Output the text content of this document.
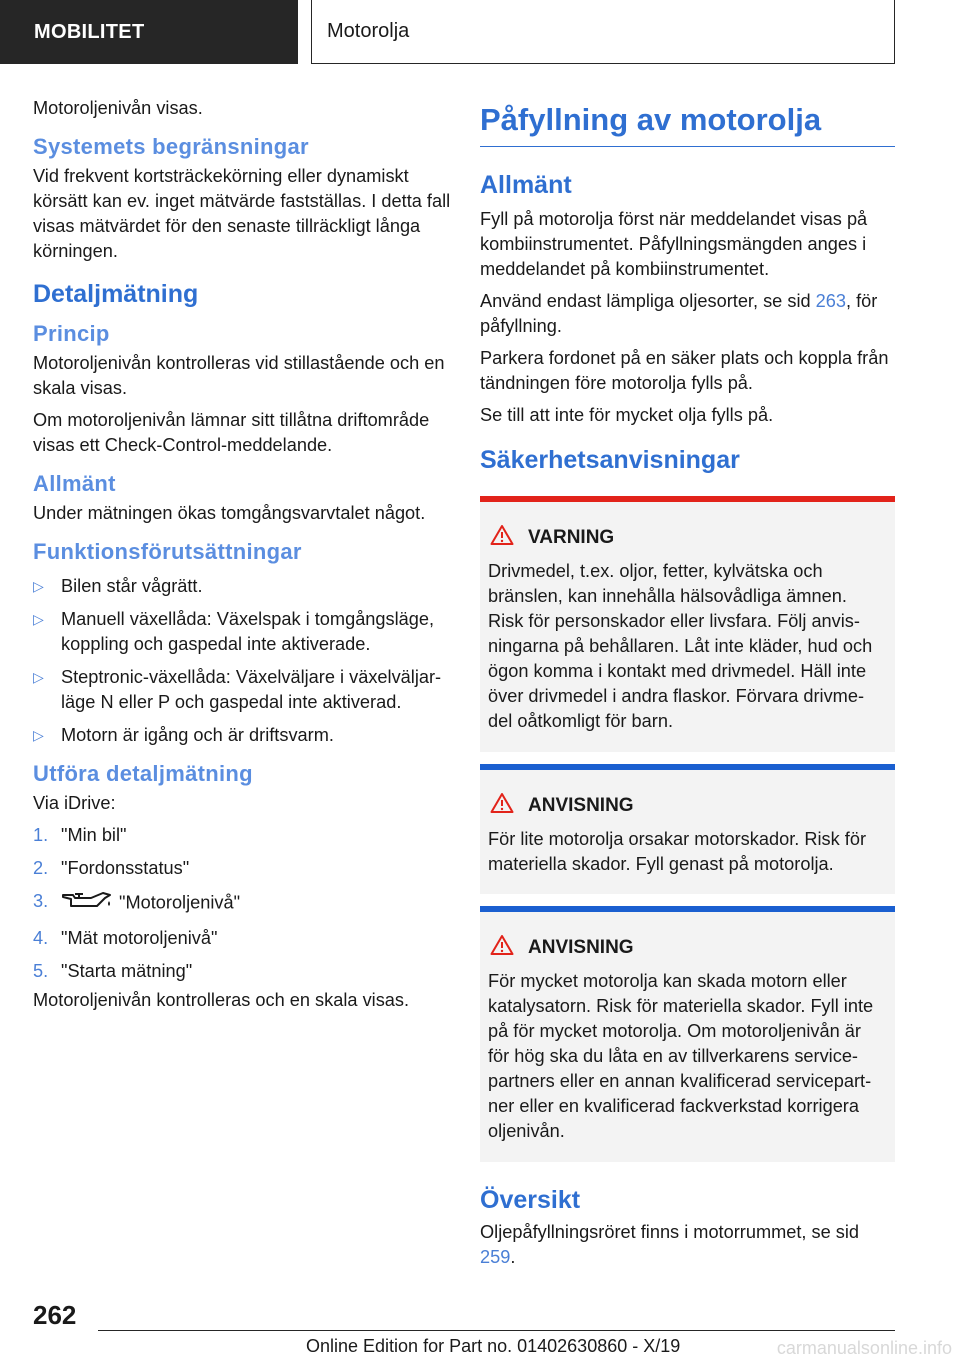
MOBILITET	Motorolja

Motoroljenivån visas.

Systemets begränsningar

Vid frekvent kortsträckekörning eller dynamiskt körsätt kan ev. inget mätvärde fastställas. I detta fall visas mätvärdet för den senaste tillräckligt långa körningen.

Detaljmätning
Princip

Motoroljenivån kontrolleras vid stillastående och en skala visas.

Om motoroljenivån lämnar sitt tillåtna driftområde visas ett Check-Control-meddelande.

Allmänt

Under mätningen ökas tomgångsvarvtalet något.

Funktionsförutsättningar
▷ Bilen står vågrätt.
▷ Manuell växellåda: Växelspak i tomgångsläge, koppling och gaspedal inte aktiverade.
▷ Steptronic-växellåda: Växelväljare i växelväljar-läge N eller P och gaspedal inte aktiverad.
▷ Motorn är igång och är driftsvarm.
Utföra detaljmätning

Via iDrive:

1. "Min bil"
2. "Fordonsstatus"
3.	"Motoroljenivå"
4. "Mät motoroljenivå"
5. "Starta mätning"

Motoroljenivån kontrolleras och en skala visas.

Påfyllning av motorolja
Allmänt

Fyll på motorolja först när meddelandet visas på kombiinstrumentet. Påfyllningsmängden anges i meddelandet på kombiinstrumentet.

Använd endast lämpliga oljesorter, se sid 263, för påfyllning.

Parkera fordonet på en säker plats och koppla från tändningen före motorolja fylls på.

Se till att inte för mycket olja fylls på.

Säkerhetsanvisningar
VARNING

Drivmedel, t.ex. oljor, fetter, kylvätska och bränslen, kan innehålla hälsovådliga ämnen. Risk för personskador eller livsfara. Följ anvis-ningarna på behållaren. Låt inte kläder, hud och ögon komma i kontakt med drivmedel. Häll inte över drivmedel i andra flaskor. Förvara drivme-del oåtkomligt för barn.

ANVISNING

För lite motorolja orsakar motorskador. Risk för materiella skador. Fyll genast på motorolja.

ANVISNING

För mycket motorolja kan skada motorn eller katalysatorn. Risk för materiella skador. Fyll inte på för mycket motorolja. Om motoroljenivån är för hög ska du låta en av tillverkarens service-partners eller en annan kvalificerad servicepart-ner eller en kvalificerad fackverkstad korrigera oljenivån.

Översikt

Oljepåfyllningsröret finns i motorrummet, se sid 259.

262
Online Edition for Part no. 01402630860 - X/19	carmanualsonline.info
